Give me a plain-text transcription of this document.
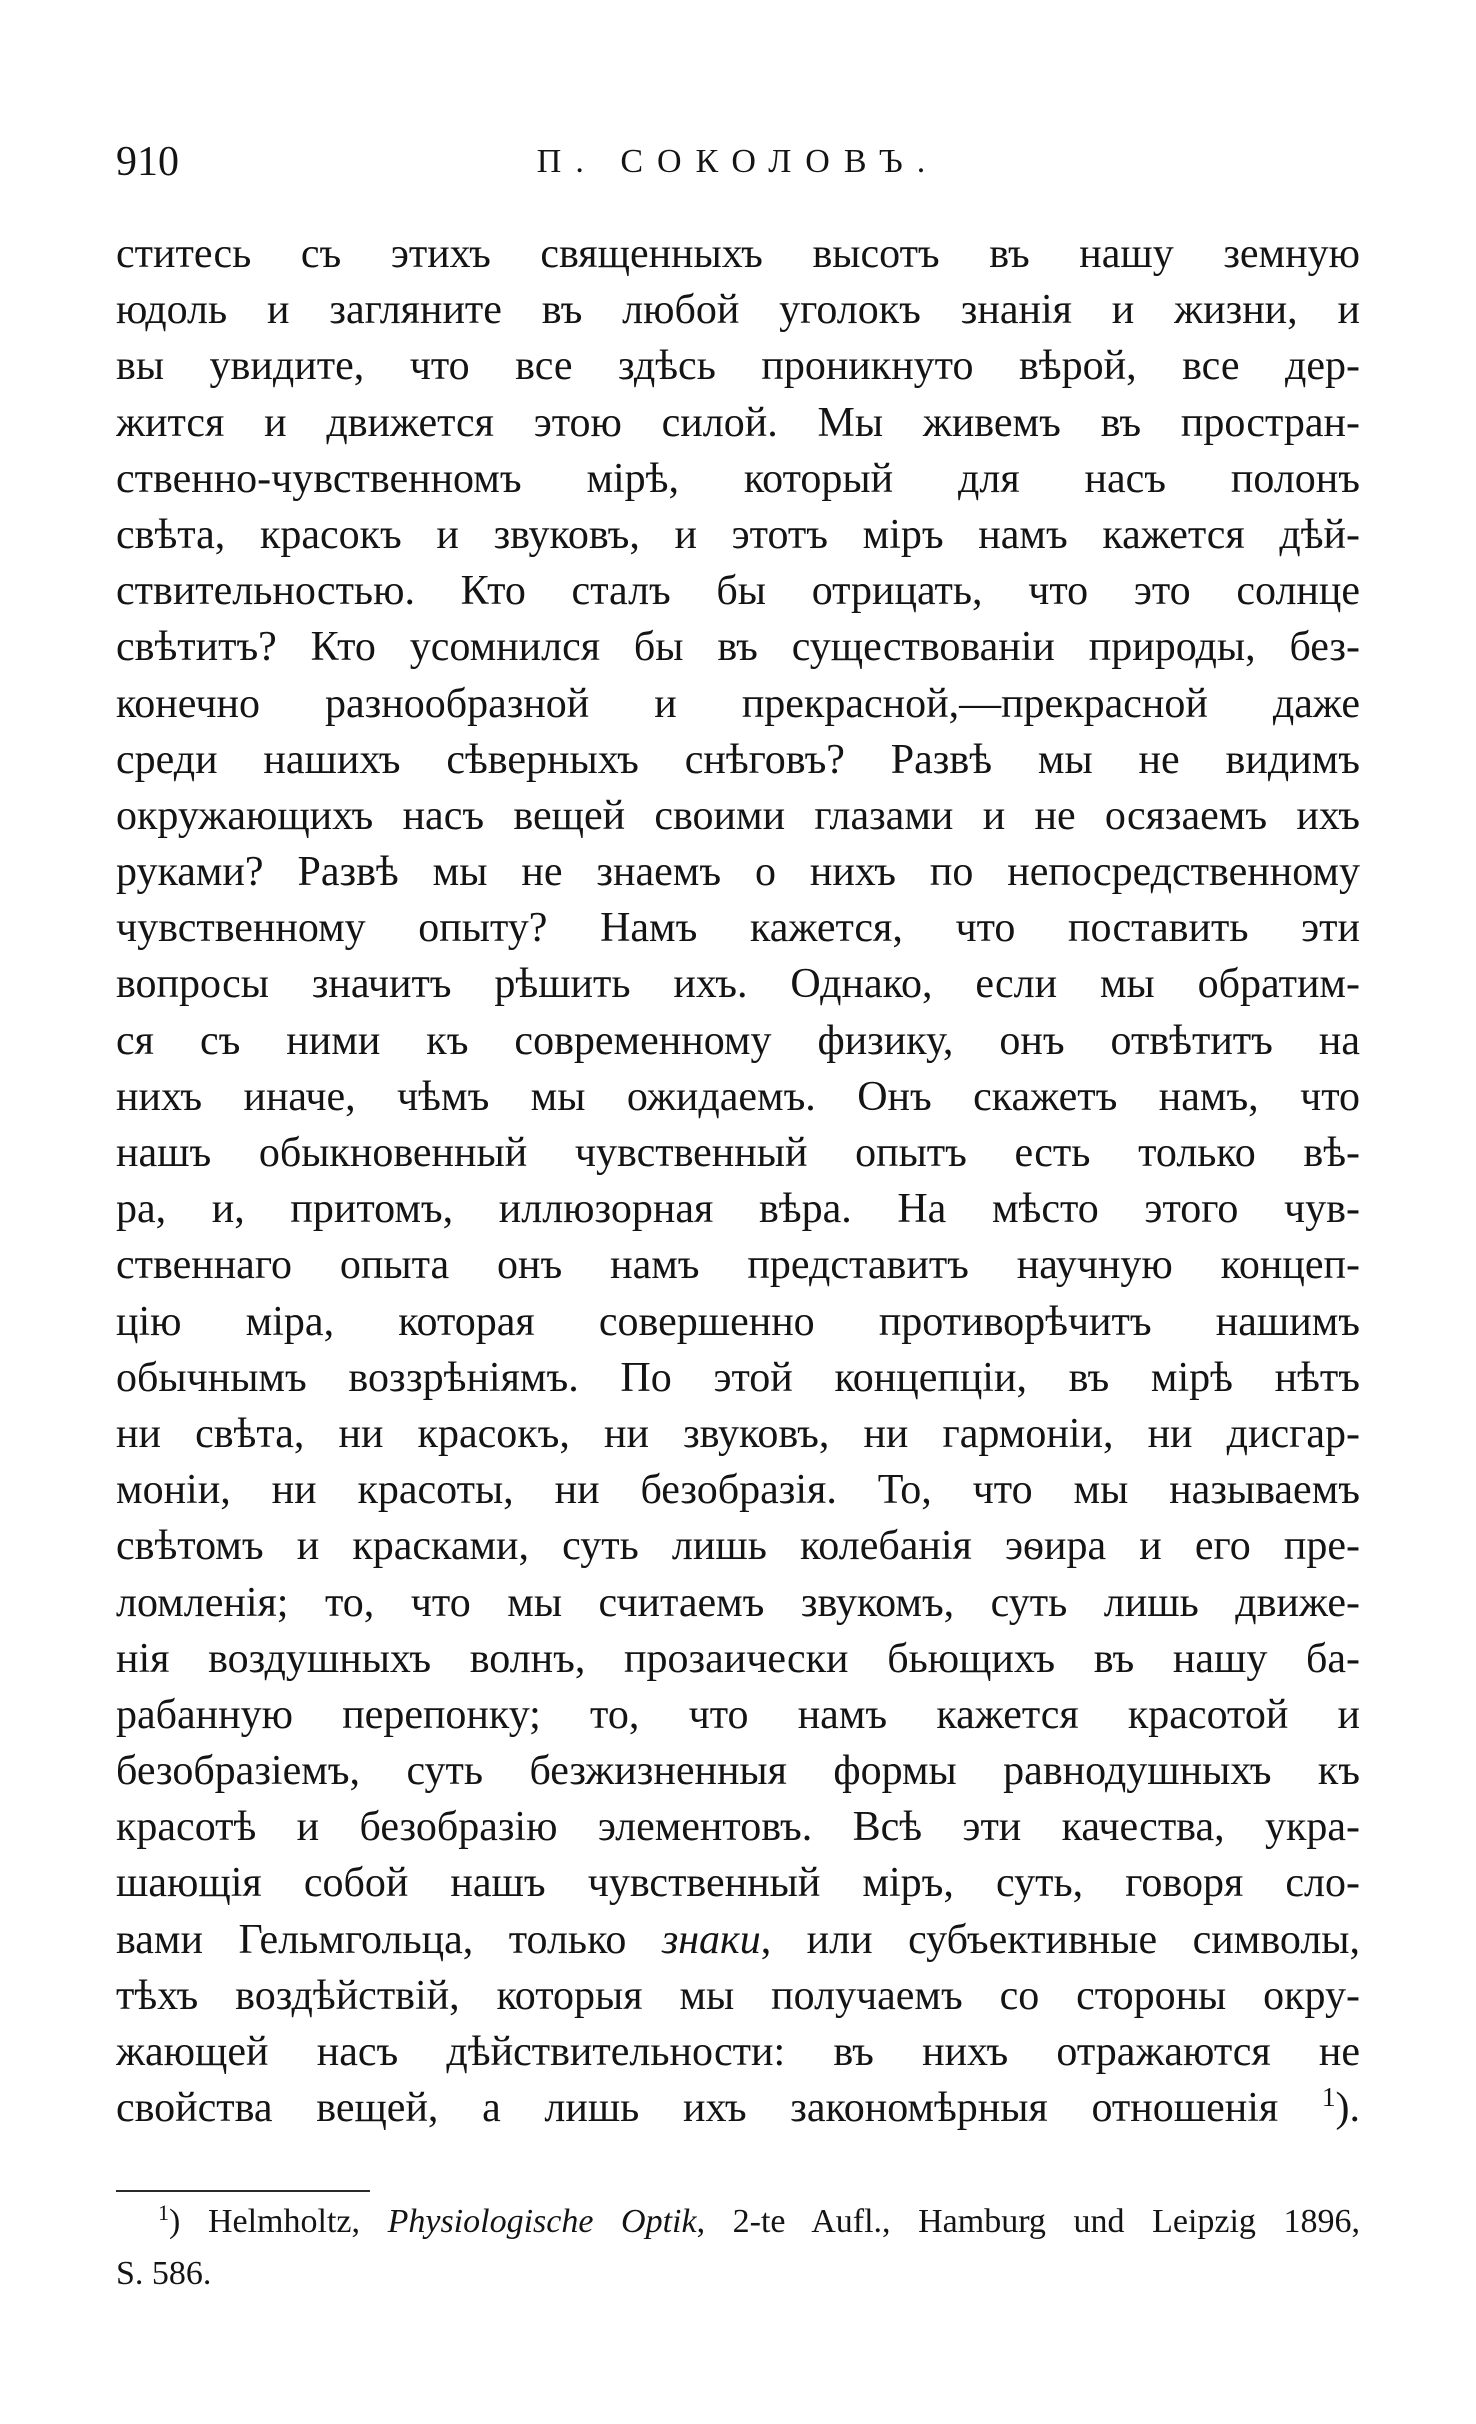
910	П. СОКОЛОВЪ.
ститесь съ этихъ священныхъ высотъ въ нашу земную
юдоль и загляните въ любой уголокъ знанія и жизни, и
вы увидите, что все здѣсь проникнуто вѣрой, все дер-
жится и движется этою силой. Мы живемъ въ простран-
ственно-чувственномъ мірѣ, который для насъ полонъ
свѣта, красокъ и звуковъ, и этотъ міръ намъ кажется дѣй-
ствительностью. Кто сталъ бы отрицать, что это солнце
свѣтитъ? Кто усомнился бы въ существованіи природы, без-
конечно разнообразной и прекрасной,—прекрасной даже
среди нашихъ сѣверныхъ снѣговъ? Развѣ мы не видимъ
окружающихъ насъ вещей своими глазами и не осязаемъ ихъ
руками? Развѣ мы не знаемъ о нихъ по непосредственному
чувственному опыту? Намъ кажется, что поставить эти
вопросы значитъ рѣшить ихъ. Однако, если мы обратим-
ся съ ними къ современному физику, онъ отвѣтитъ на
нихъ иначе, чѣмъ мы ожидаемъ. Онъ скажетъ намъ, что
нашъ обыкновенный чувственный опытъ есть только вѣ-
ра, и, притомъ, иллюзорная вѣра. На мѣсто этого чув-
ственнаго опыта онъ намъ представитъ научную концеп-
цію міра, которая совершенно противорѣчитъ нашимъ
обычнымъ воззрѣніямъ. По этой концепціи, въ мірѣ нѣтъ
ни свѣта, ни красокъ, ни звуковъ, ни гармоніи, ни дисгар-
моніи, ни красоты, ни безобразія. То, что мы называемъ
свѣтомъ и красками, суть лишь колебанія эѳира и его пре-
ломленія; то, что мы считаемъ звукомъ, суть лишь движе-
нія воздушныхъ волнъ, прозаически бьющихъ въ нашу ба-
рабанную перепонку; то, что намъ кажется красотой и
безобразіемъ, суть безжизненныя формы равнодушныхъ къ
красотѣ и безобразію элементовъ. Всѣ эти качества, укра-
шающія собой нашъ чувственный міръ, суть, говоря сло-
вами Гельмгольца, только знаки, или субъективные символы,
тѣхъ воздѣйствій, которыя мы получаемъ со стороны окру-
жающей насъ дѣйствительности: въ нихъ отражаются не
свойства вещей, а лишь ихъ закономѣрныя отношенія $^1$).
$^1$) Helmholtz, Physiologische Optik, 2-te Aufl., Hamburg und Leipzig 1896,
S. 586.
